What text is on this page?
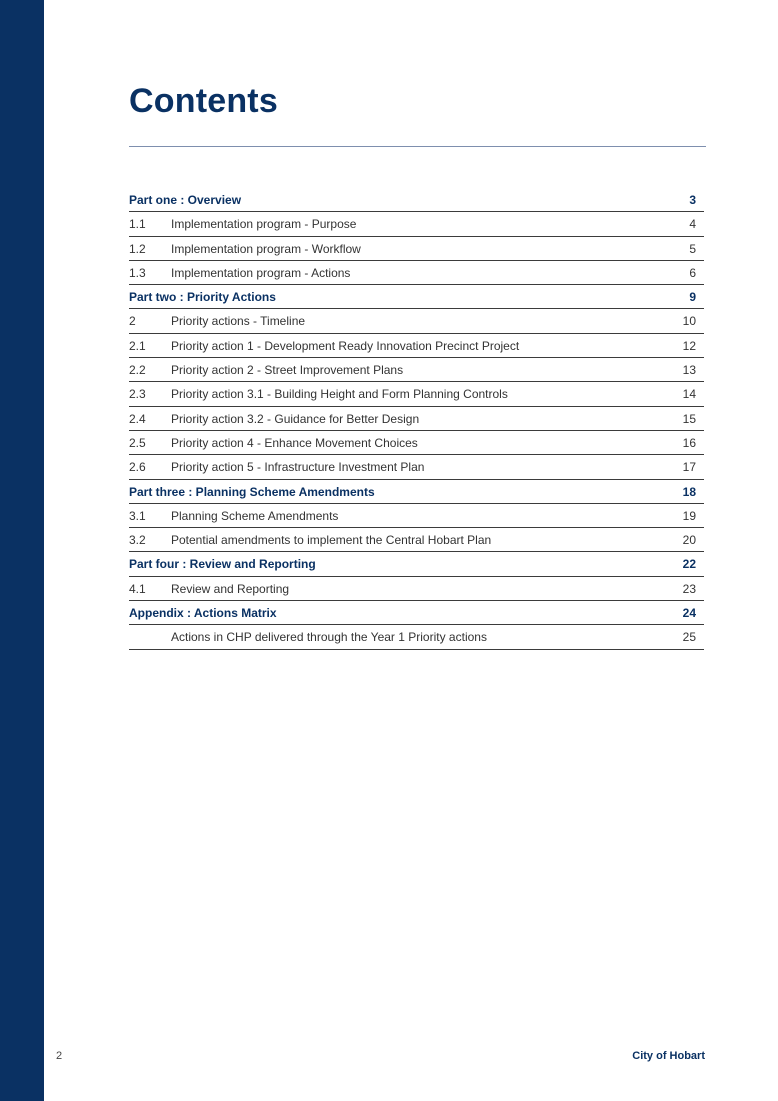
Contents
Part one : Overview	3
1.1 Implementation program - Purpose	4
1.2 Implementation program - Workflow	5
1.3 Implementation program - Actions	6
Part two : Priority Actions	9
2	Priority actions - Timeline	10
2.1 Priority action 1 - Development Ready Innovation Precinct Project	12
2.2 Priority action 2 - Street Improvement Plans	13
2.3 Priority action 3.1 - Building Height and Form Planning Controls	14
2.4 Priority action 3.2 - Guidance for Better Design	15
2.5 Priority action 4 - Enhance Movement Choices	16
2.6 Priority action 5 - Infrastructure Investment Plan	17
Part three : Planning Scheme Amendments	18
3.1 Planning Scheme Amendments	19
3.2 Potential amendments to implement the Central Hobart Plan	20
Part four : Review and Reporting	22
4.1 Review and Reporting	23
Appendix : Actions Matrix	24
Actions in CHP delivered through the Year 1 Priority actions	25
2	City of Hobart
